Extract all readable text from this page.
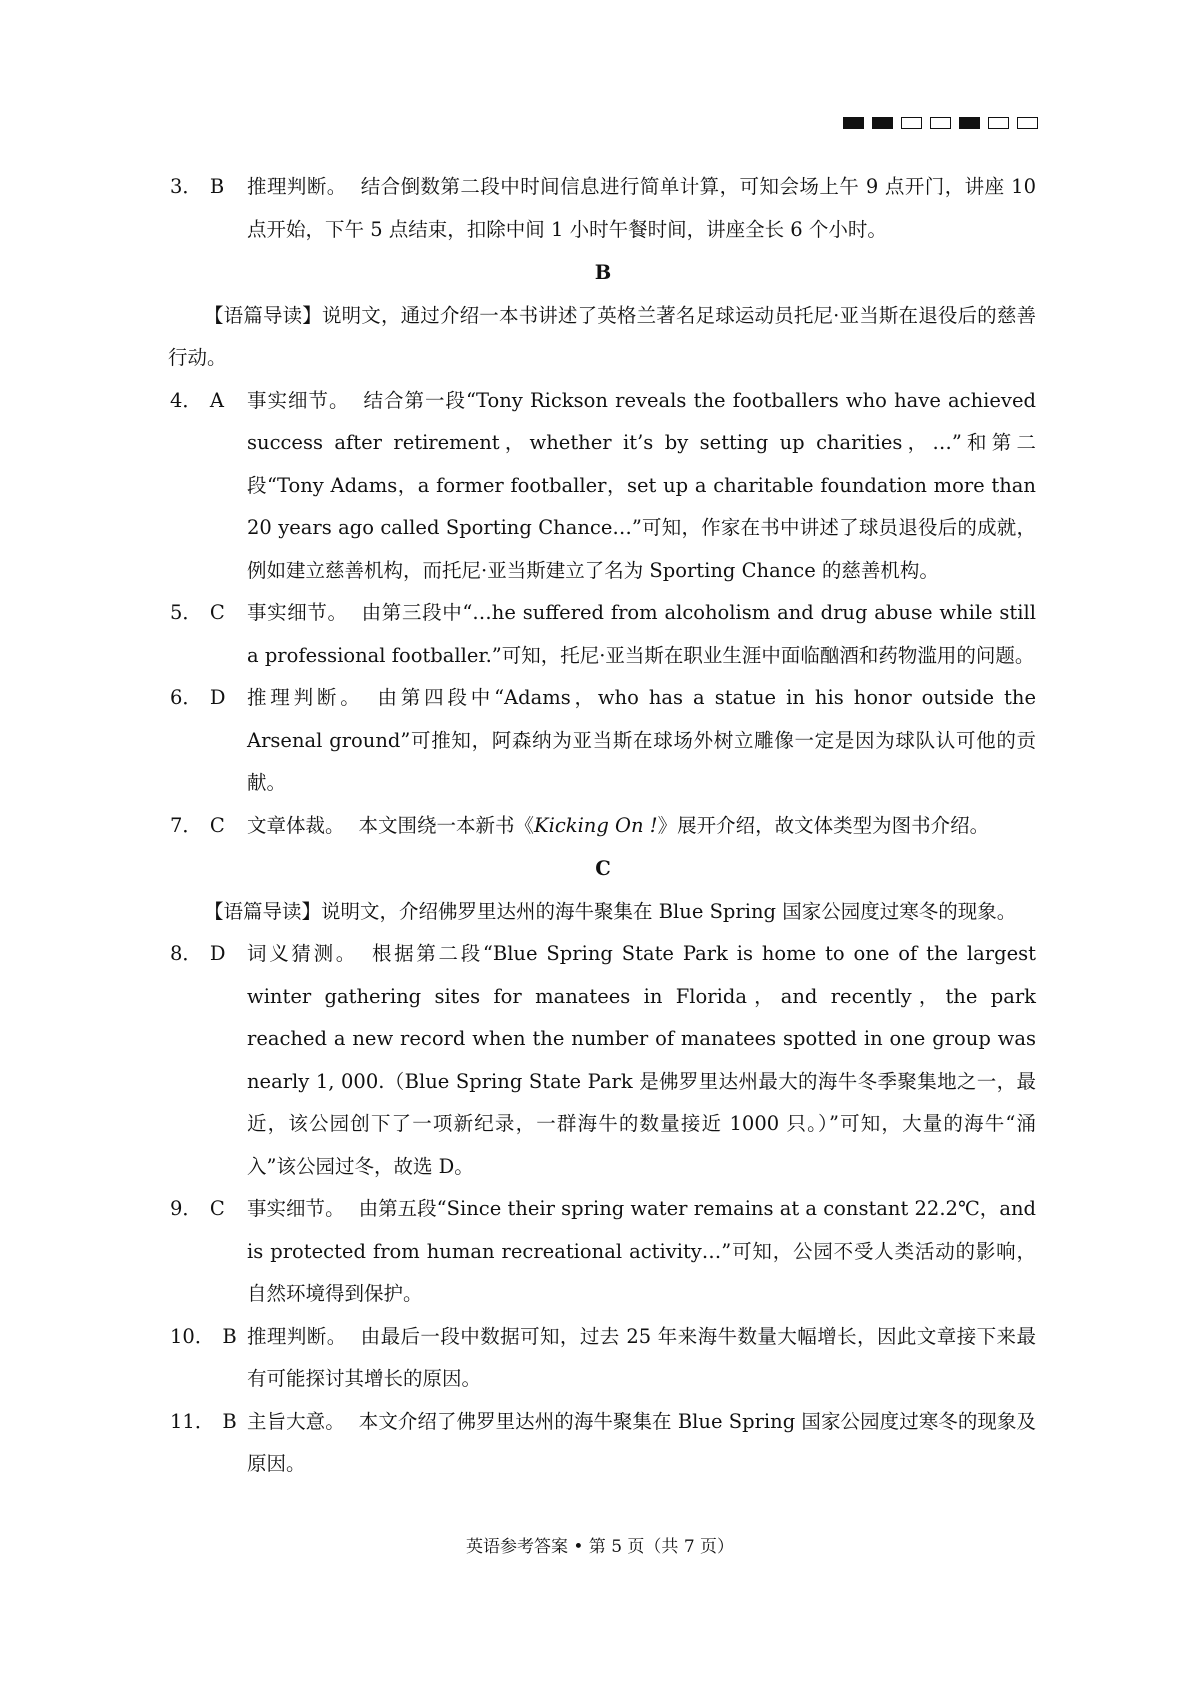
3． B	推理判断。 结合倒数第二段中时间信息进行简单计算，可知会场上午 9 点开门，讲座 10 点开始，下午 5 点结束，扣除中间 1 小时午餐时间，讲座全长 6 个小时。
B
【语篇导读】说明文，通过介绍一本书讲述了英格兰著名足球运动员托尼·亚当斯在退役后的慈善行动。
4． A	事实细节。 结合第一段“Tony Rickson reveals the footballers who have achieved success after retirement，whether it’s by setting up charities，…”和第二段“Tony Adams，a former footballer，set up a charitable foundation more than 20 years ago called Sporting Chance…”可知，作家在书中讲述了球员退役后的成就，例如建立慈善机构，而托尼·亚当斯建立了名为 Sporting Chance 的慈善机构。
5． C	事实细节。 由第三段中“…he suffered from alcoholism and drug abuse while still a professional footballer.”可知，托尼·亚当斯在职业生涯中面临酗酒和药物滥用的问题。
6． D	推理判断。 由第四段中“Adams，who has a statue in his honor outside the Arsenal ground”可推知，阿森纳为亚当斯在球场外树立雕像一定是因为球队认可他的贡献。
7． C	文章体裁。 本文围绕一本新书《Kicking On !》展开介绍，故文体类型为图书介绍。
C
【语篇导读】说明文，介绍佛罗里达州的海牛聚集在 Blue Spring 国家公园度过寒冬的现象。
8． D	词义猜测。 根据第二段“Blue Spring State Park is home to one of the largest winter gathering sites for manatees in Florida，and recently，the park reached a new record when the number of manatees spotted in one group was nearly 1, 000.（Blue Spring State Park 是佛罗里达州最大的海牛冬季聚集地之一，最近，该公园创下了一项新纪录，一群海牛的数量接近 1000 只。）”可知，大量的海牛“涌入”该公园过冬，故选 D。
9． C	事实细节。 由第五段“Since their spring water remains at a constant 22.2℃，and is protected from human recreational activity…”可知，公园不受人类活动的影响，自然环境得到保护。
10． B 推理判断。 由最后一段中数据可知，过去 25 年来海牛数量大幅增长，因此文章接下来最有可能探讨其增长的原因。
11． B 主旨大意。 本文介绍了佛罗里达州的海牛聚集在 Blue Spring 国家公园度过寒冬的现象及原因。
英语参考答案 • 第 5 页（共 7 页）
